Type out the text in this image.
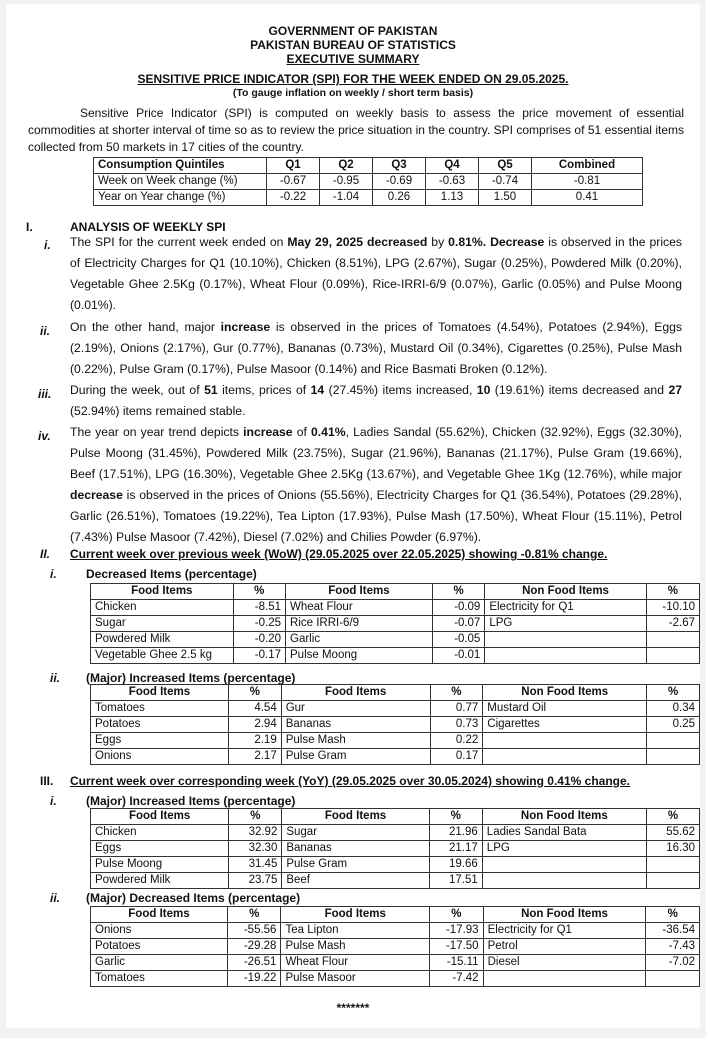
GOVERNMENT OF PAKISTAN
PAKISTAN BUREAU OF STATISTICS
EXECUTIVE SUMMARY
SENSITIVE PRICE INDICATOR (SPI) FOR THE WEEK ENDED ON 29.05.2025.
(To gauge inflation on weekly / short term basis)
Sensitive Price Indicator (SPI) is computed on weekly basis to assess the price movement of essential commodities at shorter interval of time so as to review the price situation in the country. SPI comprises of 51 essential items collected from 50 markets in 17 cities of the country.
Consumption Quintiles	Q1	Q2	Q3	Q4	Q5	Combined
Week on Week change (%)	-0.67	-0.95	-0.69	-0.63	-0.74	-0.81
Year on Year change (%)	-0.22	-1.04	0.26	1.13	1.50	0.41
I.	ANALYSIS OF WEEKLY SPI
i. The SPI for the current week ended on May 29, 2025 decreased by 0.81%. Decrease is observed in the prices of Electricity Charges for Q1 (10.10%), Chicken (8.51%), LPG (2.67%), Sugar (0.25%), Powdered Milk (0.20%), Vegetable Ghee 2.5Kg (0.17%), Wheat Flour (0.09%), Rice-IRRI-6/9 (0.07%), Garlic (0.05%) and Pulse Moong (0.01%).
ii. On the other hand, major increase is observed in the prices of Tomatoes (4.54%), Potatoes (2.94%), Eggs (2.19%), Onions (2.17%), Gur (0.77%), Bananas (0.73%), Mustard Oil (0.34%), Cigarettes (0.25%), Pulse Mash (0.22%), Pulse Gram (0.17%), Pulse Masoor (0.14%) and Rice Basmati Broken (0.12%).
iii. During the week, out of 51 items, prices of 14 (27.45%) items increased, 10 (19.61%) items decreased and 27 (52.94%) items remained stable.
iv. The year on year trend depicts increase of 0.41%, Ladies Sandal (55.62%), Chicken (32.92%), Eggs (32.30%), Pulse Moong (31.45%), Powdered Milk (23.75%), Sugar (21.96%), Bananas (21.17%), Pulse Gram (19.66%), Beef (17.51%), LPG (16.30%), Vegetable Ghee 2.5Kg (13.67%), and Vegetable Ghee 1Kg (12.76%), while major decrease is observed in the prices of Onions (55.56%), Electricity Charges for Q1 (36.54%), Potatoes (29.28%), Garlic (26.51%), Tomatoes (19.22%), Tea Lipton (17.93%), Pulse Mash (17.50%), Wheat Flour (15.11%), Petrol (7.43%) Pulse Masoor (7.42%), Diesel (7.02%) and Chilies Powder (6.97%).
II. Current week over previous week (WoW) (29.05.2025 over 22.05.2025) showing -0.81% change.
i. Decreased Items (percentage)
Food Items	%	Food Items	%	Non Food Items	%
Chicken	-8.51	Wheat Flour	-0.09	Electricity for Q1	-10.10
Sugar	-0.25	Rice IRRI-6/9	-0.07	LPG	-2.67
Powdered Milk	-0.20	Garlic	-0.05		
Vegetable Ghee 2.5 kg	-0.17	Pulse Moong	-0.01		
ii. (Major) Increased Items (percentage)
Food Items	%	Food Items	%	Non Food Items	%
Tomatoes	4.54	Gur	0.77	Mustard Oil	0.34
Potatoes	2.94	Bananas	0.73	Cigarettes	0.25
Eggs	2.19	Pulse Mash	0.22		
Onions	2.17	Pulse Gram	0.17		
III. Current week over corresponding week (YoY) (29.05.2025 over 30.05.2024) showing 0.41% change.
i. (Major) Increased Items (percentage)
Food Items	%	Food Items	%	Non Food Items	%
Chicken	32.92	Sugar	21.96	Ladies Sandal Bata	55.62
Eggs	32.30	Bananas	21.17	LPG	16.30
Pulse Moong	31.45	Pulse Gram	19.66		
Powdered Milk	23.75	Beef	17.51		
ii. (Major) Decreased Items (percentage)
Food Items	%	Food Items	%	Non Food Items	%
Onions	-55.56	Tea Lipton	-17.93	Electricity for Q1	-36.54
Potatoes	-29.28	Pulse Mash	-17.50	Petrol	-7.43
Garlic	-26.51	Wheat Flour	-15.11	Diesel	-7.02
Tomatoes	-19.22	Pulse Masoor	-7.42		
*******
